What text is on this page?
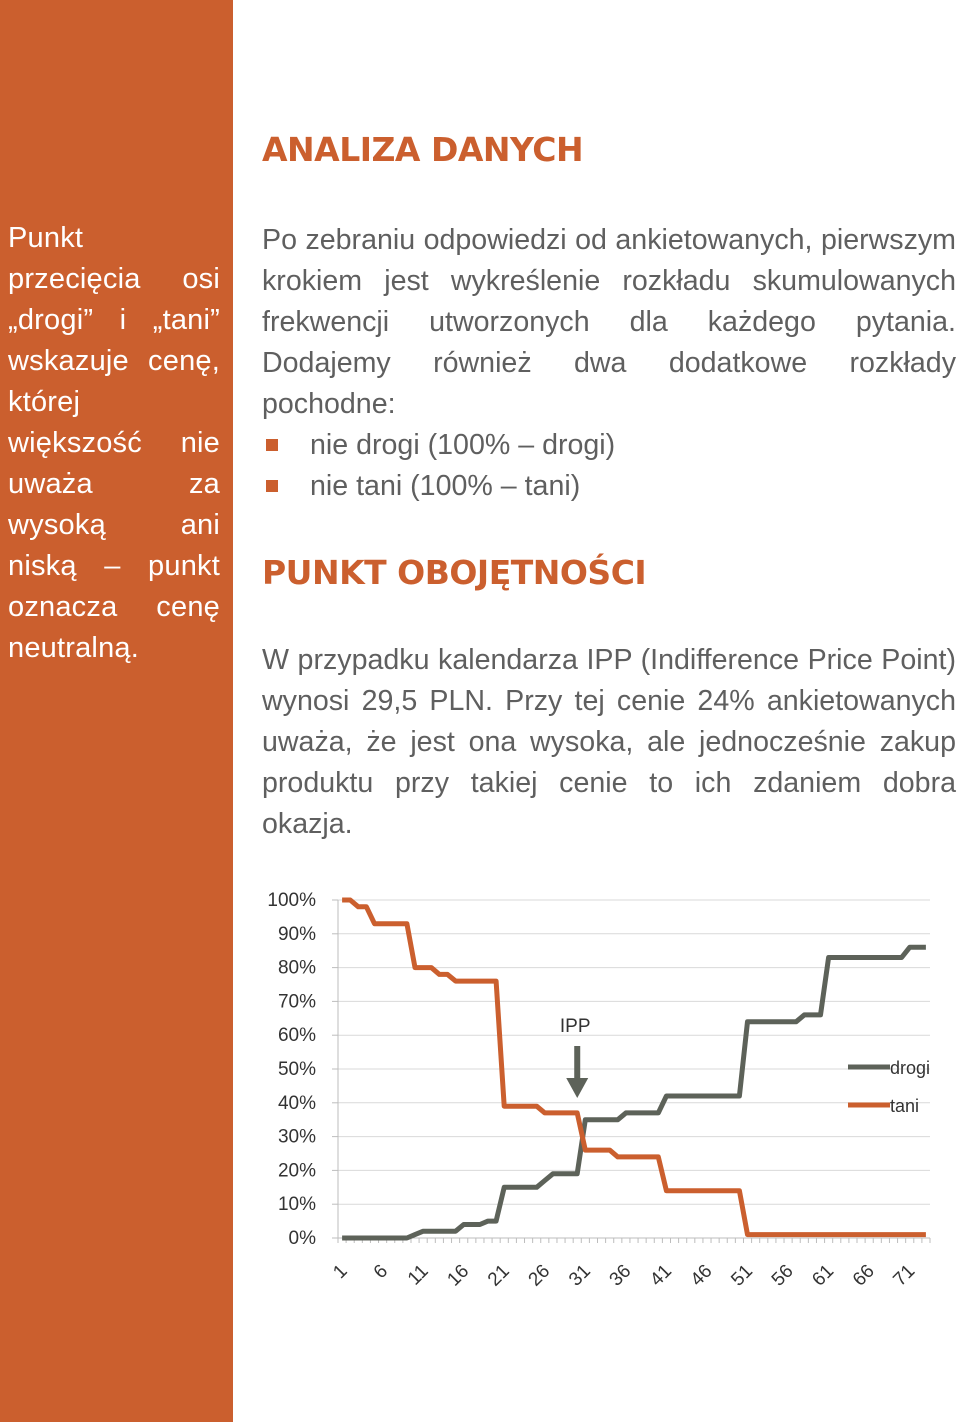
Punkt przecięcia osi „drogi” i „tani” wskazuje cenę, której większość nie uważa za wysoką ani niską – punkt oznacza cenę neutralną.
ANALIZA DANYCH
Po zebraniu odpowiedzi od ankietowanych, pierwszym krokiem jest wykreślenie rozkładu skumulowanych frekwencji utworzonych dla każdego pytania. Dodajemy również dwa dodatkowe rozkłady pochodne:
nie drogi (100% – drogi)
nie tani (100% – tani)
PUNKT OBOJĘTNOŚCI
W przypadku kalendarza IPP (Indifference Price Point) wynosi 29,5 PLN. Przy tej cenie 24% ankietowanych uważa, że jest ona wysoka, ale jednocześnie zakup produktu przy takiej cenie to ich zdaniem dobra okazja.
0%
10%
20%
30%
40%
50%
60%
70%
80%
90%
100%
1 6 11 16 21 26 31 36 41 46 51 56 61 66 71
IPP
drogi
tani
